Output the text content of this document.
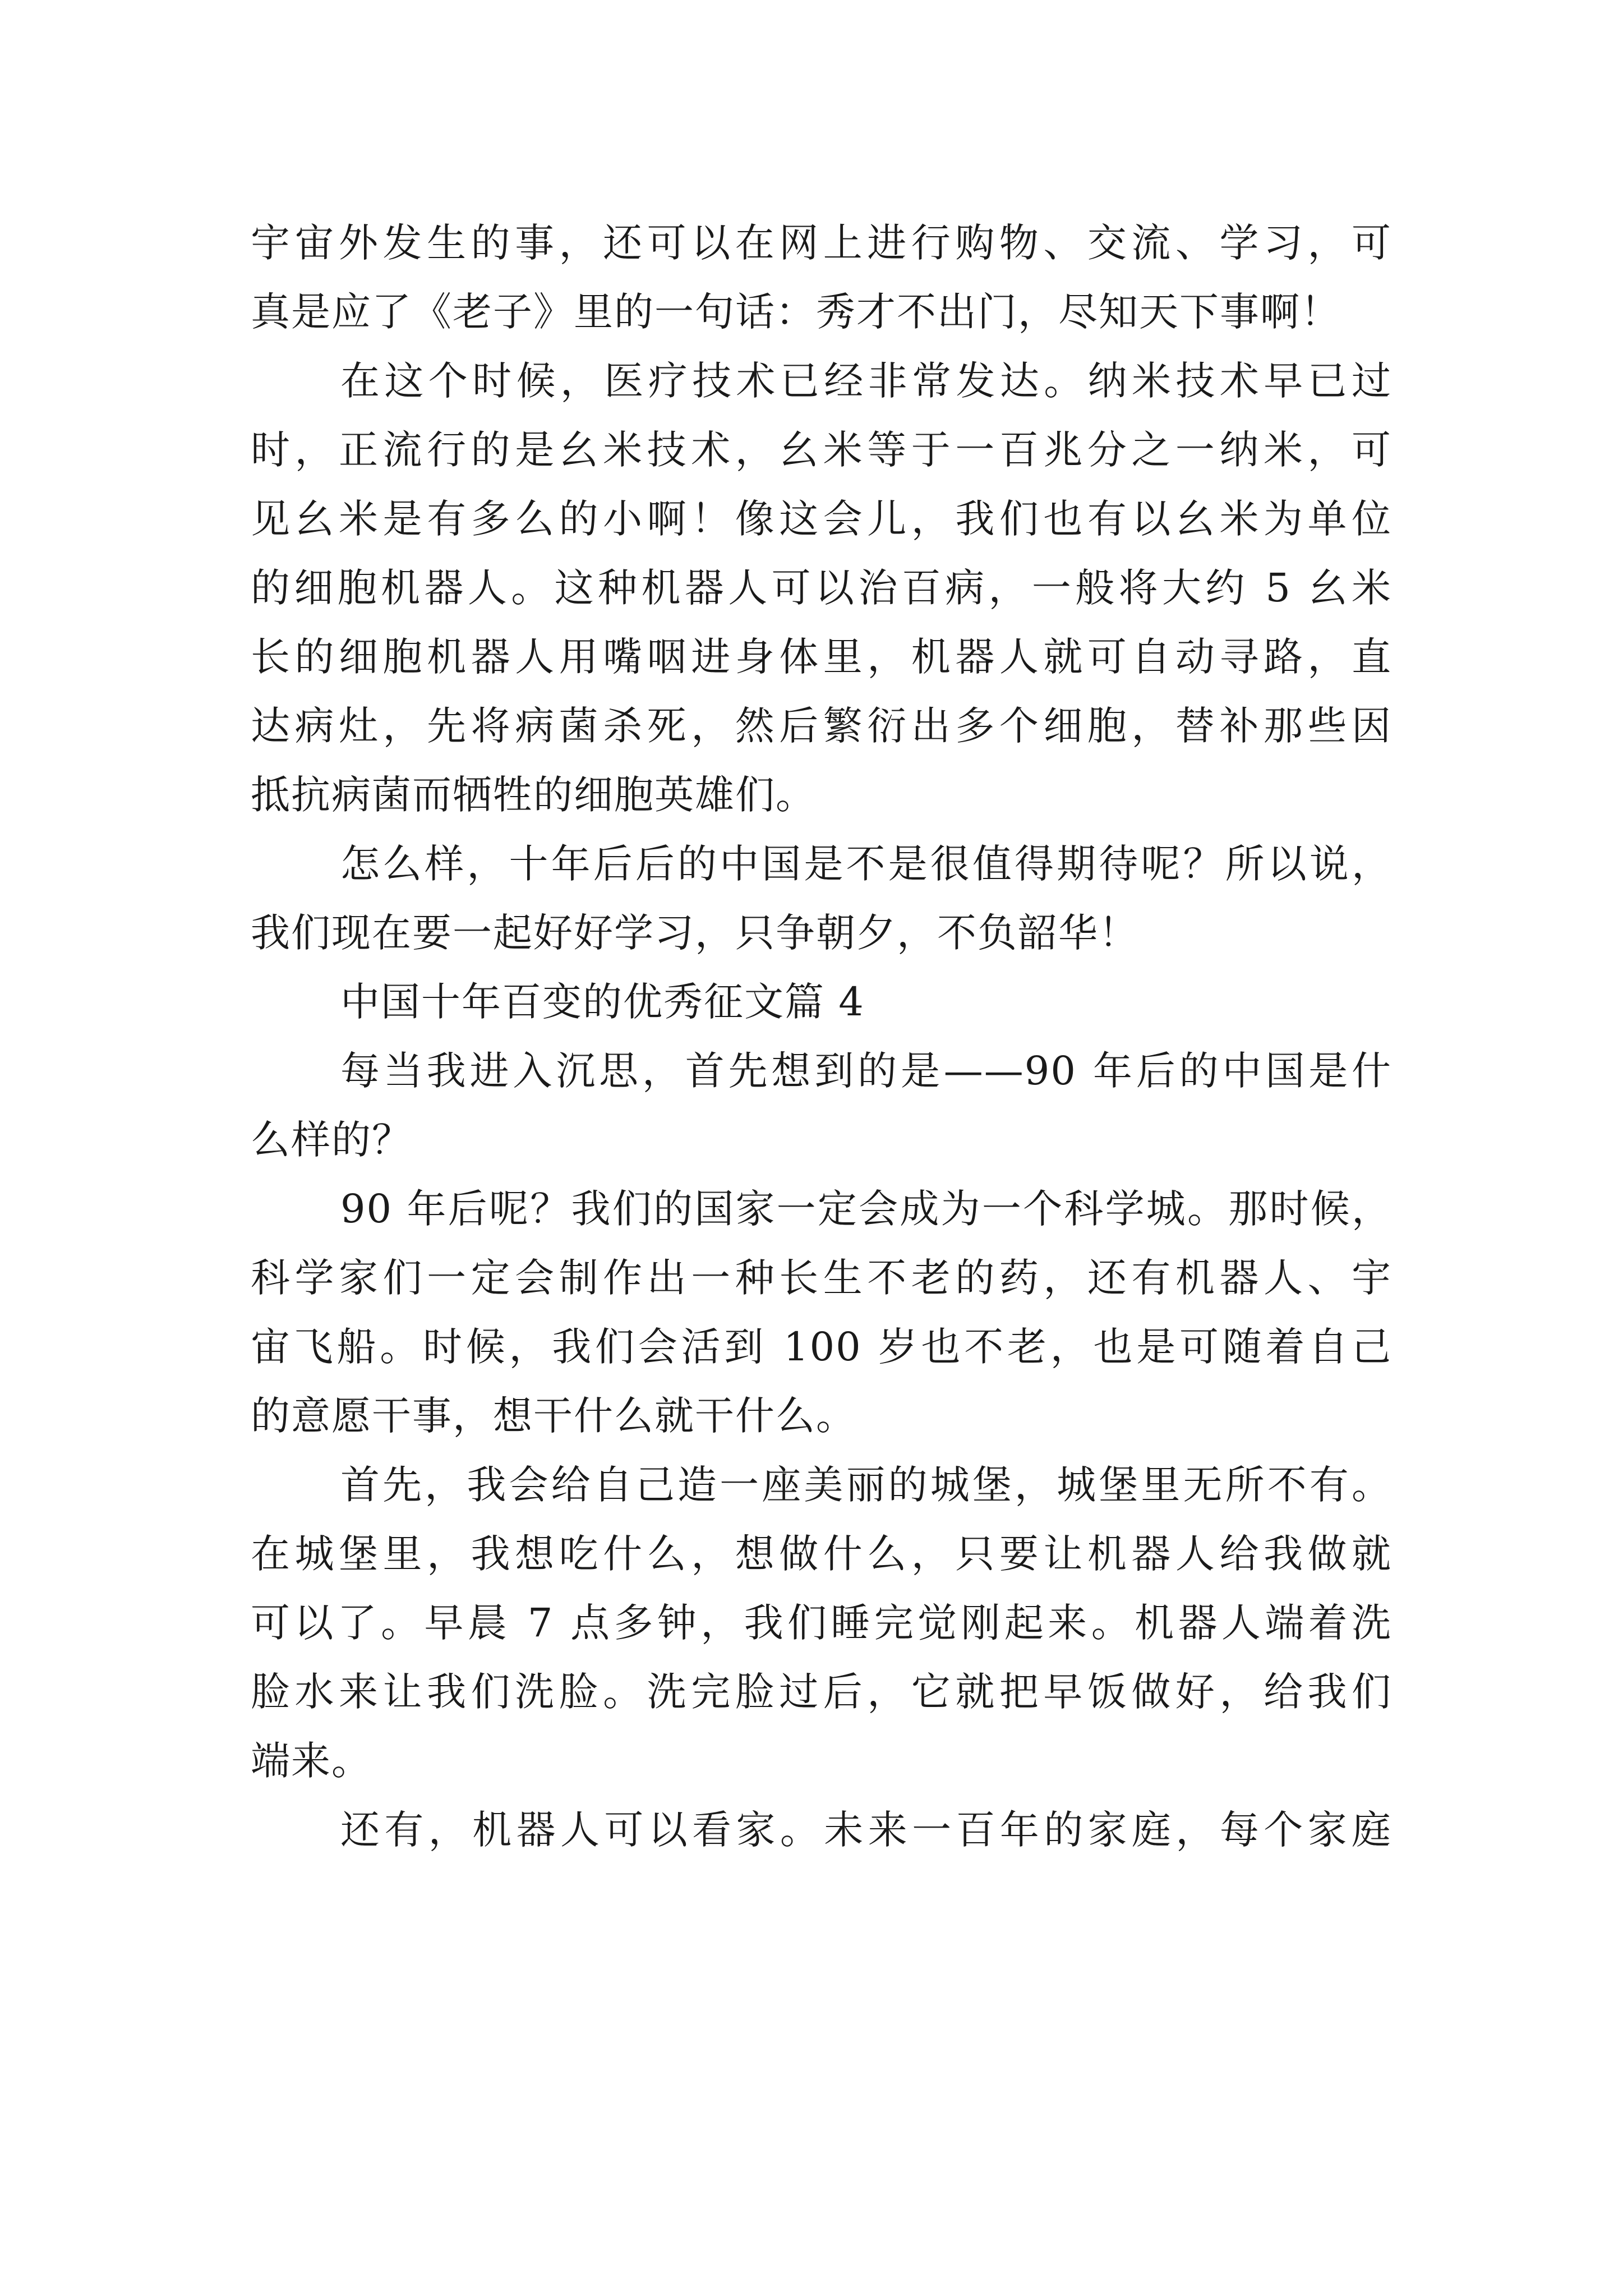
宇宙外发生的事，还可以在网上进行购物、交流、学习，可
真是应了《老子》里的一句话：秀才不出门，尽知天下事啊！
在这个时候，医疗技术已经非常发达。纳米技术早已过
时，正流行的是幺米技术，幺米等于一百兆分之一纳米，可
见幺米是有多么的小啊！像这会儿，我们也有以幺米为单位
的细胞机器人。这种机器人可以治百病，一般将大约 5 幺米
长的细胞机器人用嘴咽进身体里，机器人就可自动寻路，直
达病灶，先将病菌杀死，然后繁衍出多个细胞，替补那些因
抵抗病菌而牺牲的细胞英雄们。
怎么样，十年后后的中国是不是很值得期待呢？所以说，
我们现在要一起好好学习，只争朝夕，不负韶华！
中国十年百变的优秀征文篇 4
每当我进入沉思，首先想到的是——90 年后的中国是什
么样的？
90 年后呢？我们的国家一定会成为一个科学城。那时候，
科学家们一定会制作出一种长生不老的药，还有机器人、宇
宙飞船。时候，我们会活到 100 岁也不老，也是可随着自己
的意愿干事，想干什么就干什么。
首先，我会给自己造一座美丽的城堡，城堡里无所不有。
在城堡里，我想吃什么，想做什么，只要让机器人给我做就
可以了。早晨 7 点多钟，我们睡完觉刚起来。机器人端着洗
脸水来让我们洗脸。洗完脸过后，它就把早饭做好，给我们
端来。
还有，机器人可以看家。未来一百年的家庭，每个家庭
